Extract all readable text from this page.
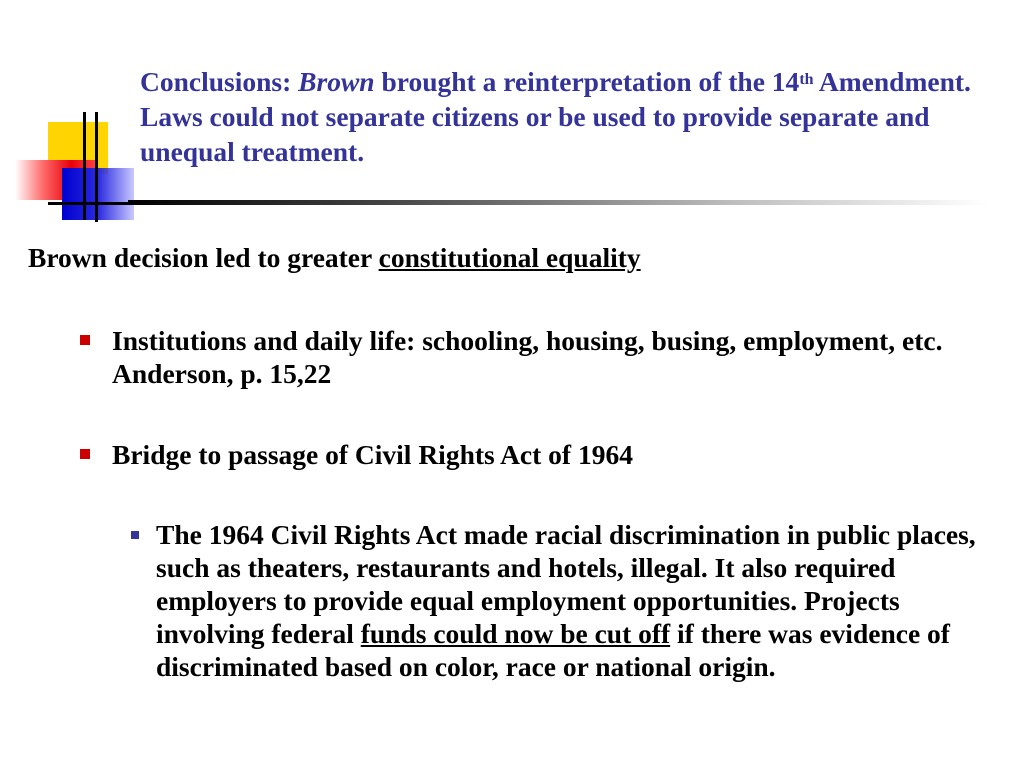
Conclusions: Brown brought a reinterpretation of the 14th Amendment. Laws could not separate citizens or be used to provide separate and unequal treatment.
Brown decision led to greater constitutional equality
Institutions and daily life: schooling, housing, busing, employment, etc. Anderson, p. 15,22
Bridge to passage of Civil Rights Act of 1964
The 1964 Civil Rights Act made racial discrimination in public places, such as theaters, restaurants and hotels, illegal. It also required employers to provide equal employment opportunities. Projects involving federal funds could now be cut off if there was evidence of discriminated based on color, race or national origin.
